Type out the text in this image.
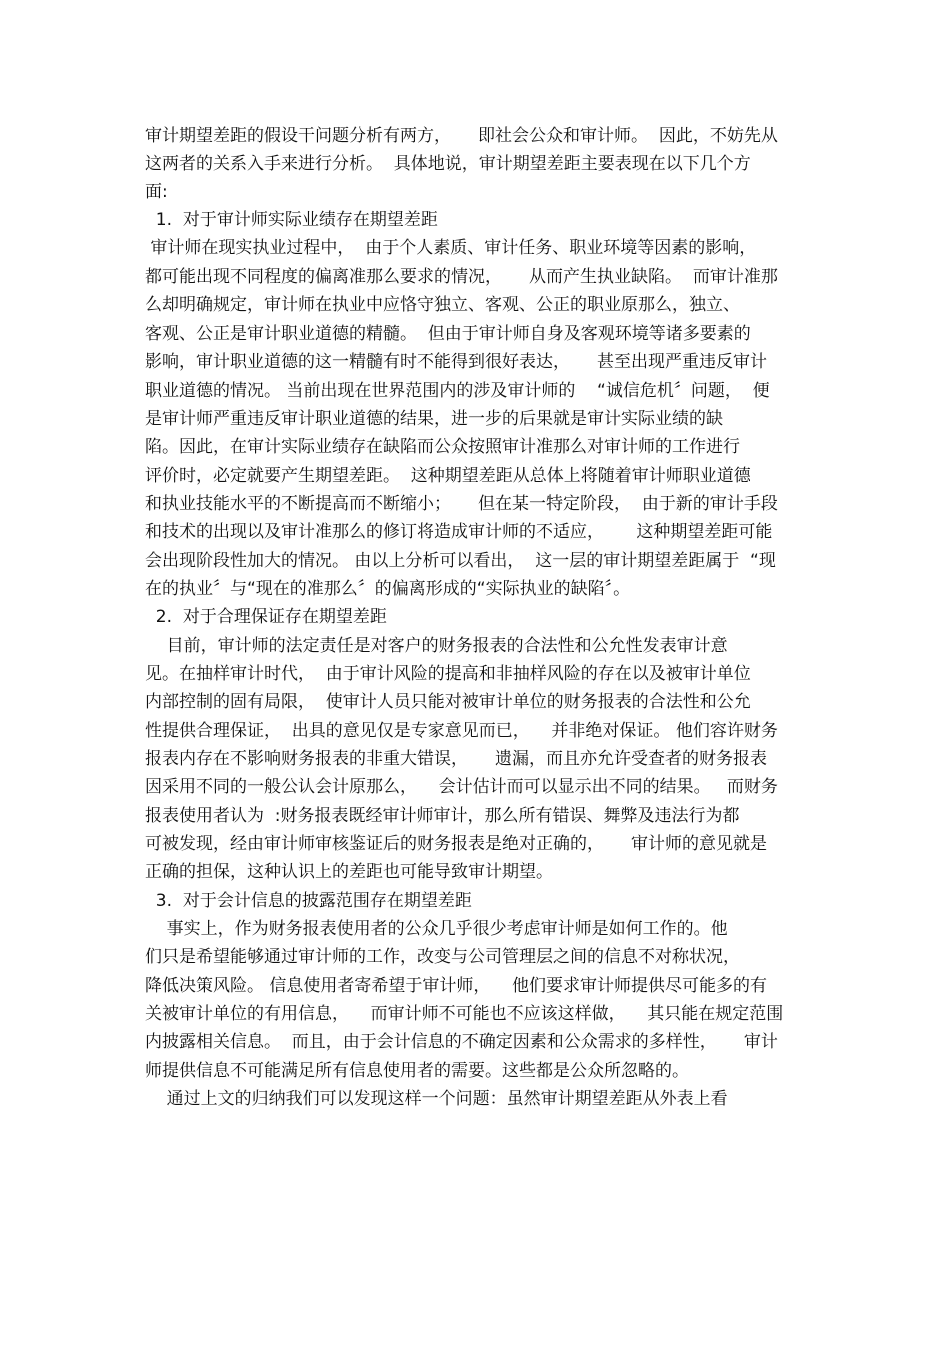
审计期望差距的假设干问题分析有两方，     即社会公众和审计师。  因此，不妨先从
这两者的关系入手来进行分析。  具体地说，审计期望差距主要表现在以下几个方
面:
1.  对于审计师实际业绩存在期望差距
审计师在现实执业过程中，  由于个人素质、审计任务、职业环境等因素的影响，
都可能出现不同程度的偏离准那么要求的情况，     从而产生执业缺陷。  而审计准那
么却明确规定，审计师在执业中应恪守独立、客观、公正的职业原那么，独立、
客观、公正是审计职业道德的精髓。  但由于审计师自身及客观环境等诸多要素的
影响，审计职业道德的这一精髓有时不能得到很好表达，     甚至出现严重违反审计
职业道德的情况。 当前出现在世界范围内的涉及审计师的    “诚信危机〞问题，  便
是审计师严重违反审计职业道德的结果，进一步的后果就是审计实际业绩的缺
陷。因此，在审计实际业绩存在缺陷而公众按照审计准那么对审计师的工作进行
评价时，必定就要产生期望差距。  这种期望差距从总体上将随着审计师职业道德
和执业技能水平的不断提高而不断缩小；     但在某一特定阶段，  由于新的审计手段
和技术的出现以及审计准那么的修订将造成审计师的不适应，      这种期望差距可能
会出现阶段性加大的情况。 由以上分析可以看出，  这一层的审计期望差距属于  “现
在的执业〞与“现在的准那么〞的偏离形成的“实际执业的缺陷〞。
2.  对于合理保证存在期望差距
目前，审计师的法定责任是对客户的财务报表的合法性和公允性发表审计意
见。在抽样审计时代，  由于审计风险的提高和非抽样风险的存在以及被审计单位
内部控制的固有局限，  使审计人员只能对被审计单位的财务报表的合法性和公允
性提供合理保证，  出具的意见仅是专家意见而已，    并非绝对保证。 他们容许财务
报表内存在不影响财务报表的非重大错误，     遗漏，而且亦允许受查者的财务报表
因采用不同的一般公认会计原那么，    会计估计而可以显示出不同的结果。   而财务
报表使用者认为  :财务报表既经审计师审计，那么所有错误、舞弊及违法行为都
可被发现，经由审计师审核鉴证后的财务报表是绝对正确的，     审计师的意见就是
正确的担保，这种认识上的差距也可能导致审计期望。
3.  对于会计信息的披露范围存在期望差距
事实上，作为财务报表使用者的公众几乎很少考虑审计师是如何工作的。他
们只是希望能够通过审计师的工作，改变与公司管理层之间的信息不对称状况，
降低决策风险。 信息使用者寄希望于审计师，    他们要求审计师提供尽可能多的有
关被审计单位的有用信息，    而审计师不可能也不应该这样做，    其只能在规定范围
内披露相关信息。  而且，由于会计信息的不确定因素和公众需求的多样性，     审计
师提供信息不可能满足所有信息使用者的需要。这些都是公众所忽略的。
通过上文的归纳我们可以发现这样一个问题：虽然审计期望差距从外表上看
